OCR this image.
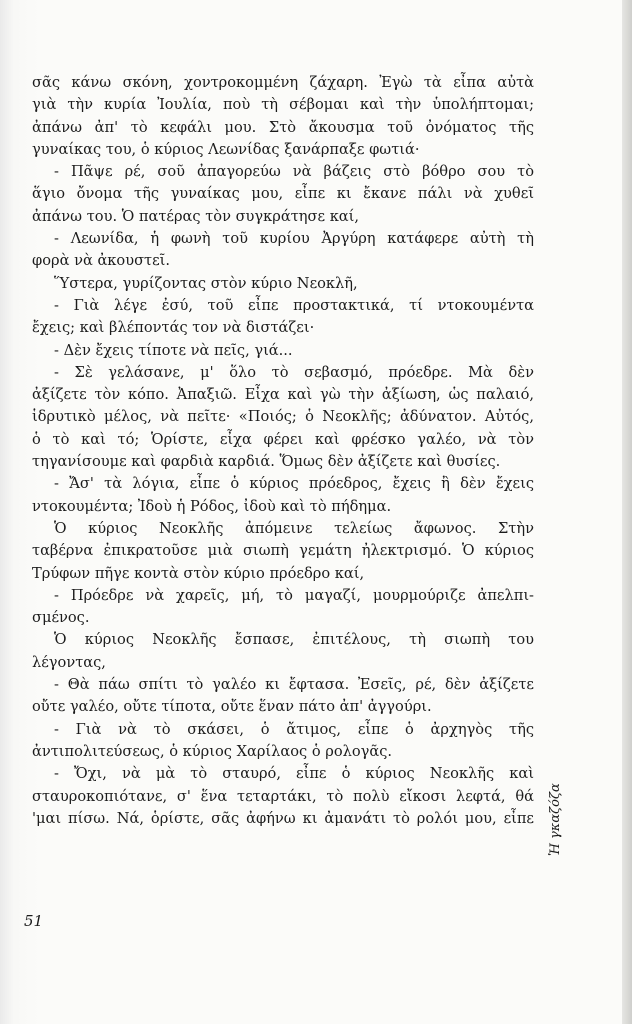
σᾶς κάνω σκόνη, χοντροκομμένη ζάχαρη. Ἐγὼ τὰ εἶπα αὐτὰ
γιὰ τὴν κυρία Ἰουλία, ποὺ τὴ σέβομαι καὶ τὴν ὑπολήπτομαι;
ἀπάνω ἀπ' τὸ κεφάλι μου. Στὸ ἄκουσμα τοῦ ὀνόματος τῆς
γυναίκας του, ὁ κύριος Λεωνίδας ξανάρπαξε φωτιά·
- Πᾶψε ρέ, σοῦ ἀπαγορεύω νὰ βάζεις στὸ βόθρο σου τὸ
ἅγιο ὄνομα τῆς γυναίκας μου, εἶπε κι ἔκανε πάλι νὰ χυθεῖ
ἀπάνω του. Ὁ πατέρας τὸν συγκράτησε καί,
- Λεωνίδα, ἡ φωνὴ τοῦ κυρίου Ἀργύρη κατάφερε αὐτὴ τὴ
φορὰ νὰ ἀκουστεῖ.
Ὕστερα, γυρίζοντας στὸν κύριο Νεοκλῆ,
- Γιὰ λέγε ἐσύ, τοῦ εἶπε προστακτικά, τί ντοκουμέντα
ἔχεις; καὶ βλέποντάς τον νὰ διστάζει·
- Δὲν ἔχεις τίποτε νὰ πεῖς, γιά...
- Σὲ γελάσανε, μ' ὅλο τὸ σεβασμό, πρόεδρε. Μὰ δὲν
ἀξίζετε τὸν κόπο. Ἀπαξιῶ. Εἶχα καὶ γὼ τὴν ἀξίωση, ὡς παλαιό,
ἱδρυτικὸ μέλος, νὰ πεῖτε· «Ποιός; ὁ Νεοκλῆς; ἀδύνατον. Αὐτός,
ὁ τὸ καὶ τό; Ὁρίστε, εἶχα φέρει καὶ φρέσκο γαλέο, νὰ τὸν
τηγανίσουμε καὶ φαρδιὰ καρδιά. Ὅμως δὲν ἀξίζετε καὶ θυσίες.
- Ἄσ' τὰ λόγια, εἶπε ὁ κύριος πρόεδρος, ἔχεις ἢ δὲν ἔχεις
ντοκουμέντα; Ἰδοὺ ἡ Ρόδος, ἰδοὺ καὶ τὸ πήδημα.
Ὁ κύριος Νεοκλῆς ἀπόμεινε τελείως ἄφωνος. Στὴν
ταβέρνα ἐπικρατοῦσε μιὰ σιωπὴ γεμάτη ἠλεκτρισμό. Ὁ κύριος
Τρύφων πῆγε κοντὰ στὸν κύριο πρόεδρο καί,
- Πρόεδρε νὰ χαρεῖς, μή, τὸ μαγαζί, μουρμούριζε ἀπελπι-
σμένος.
Ὁ κύριος Νεοκλῆς ἔσπασε, ἐπιτέλους, τὴ σιωπὴ του
λέγοντας,
- Θὰ πάω σπίτι τὸ γαλέο κι ἔφτασα. Ἐσεῖς, ρέ, δὲν ἀξίζετε
οὔτε γαλέο, οὔτε τίποτα, οὔτε ἕναν πάτο ἀπ' ἀγγούρι.
- Γιὰ νὰ τὸ σκάσει, ὁ ἄτιμος, εἶπε ὁ ἀρχηγὸς τῆς
ἀντιπολιτεύσεως, ὁ κύριος Χαρίλαος ὁ ρολογᾶς.
- Ὄχι, νὰ μὰ τὸ σταυρό, εἶπε ὁ κύριος Νεοκλῆς καὶ
σταυροκοπιότανε, σ' ἕνα τεταρτάκι, τὸ πολὺ εἴκοσι λεφτά, θά
'μαι πίσω. Νά, ὁρίστε, σᾶς ἀφήνω κι ἀμανάτι τὸ ρολόι μου, εἶπε
51
Ἡ γκαζόζα
